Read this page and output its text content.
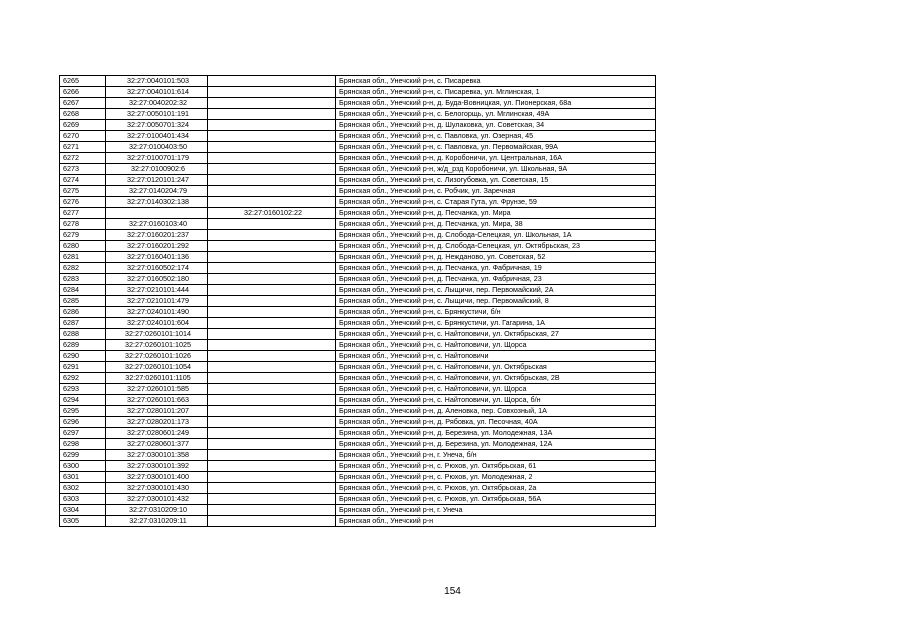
6265	32:27:0040101:503		Брянская обл., Унечский р-н, с. Писаревка
6266	32:27:0040101:614		Брянская обл., Унечский р-н, с. Писаревка, ул. Мглинская, 1
6267	32:27:0040202:32		Брянская обл., Унечский р-н, д. Буда-Вовницкая, ул. Пионерская, 68а
6268	32:27:0050101:191		Брянская обл., Унечский р-н, с. Белогорщь, ул. Мглинская, 49А
6269	32:27:0050701:324		Брянская обл., Унечский р-н, д. Шулаковка, ул. Советская, 34
6270	32:27:0100401:434		Брянская обл., Унечский р-н, с. Павловка, ул. Озерная, 45
6271	32:27:0100403:50		Брянская обл., Унечский р-н, с. Павловка, ул. Первомайская, 99А
6272	32:27:0100701:179		Брянская обл., Унечский р-н, д. Коробоничи, ул. Центральная, 16А
6273	32:27:0100902:6		Брянская обл., Унечский р-н, ж/д_рзд Коробоничи, ул. Школьная, 9А
6274	32:27:0120101:247		Брянская обл., Унечский р-н, с. Лизогубовка, ул. Советская, 15
6275	32:27:0140204:79		Брянская обл., Унечский р-н, с. Робчик, ул. Заречная
6276	32:27:0140302:138		Брянская обл., Унечский р-н, с. Старая Гута, ул. Фрунзе, 59
6277		32:27:0160102:22	Брянская обл., Унечский р-н, д. Песчанка, ул. Мира
6278	32:27:0160103:40		Брянская обл., Унечский р-н, д. Песчанка, ул. Мира, 38
6279	32:27:0160201:237		Брянская обл., Унечский р-н, д. Слобода-Селецкая, ул. Школьная, 1А
6280	32:27:0160201:292		Брянская обл., Унечский р-н, д. Слобода-Селецкая, ул. Октябрьская, 23
6281	32:27:0160401:136		Брянская обл., Унечский р-н, д. Нежданово, ул. Советская, 52
6282	32:27:0160502:174		Брянская обл., Унечский р-н, д. Песчанка, ул. Фабричная, 19
6283	32:27:0160502:180		Брянская обл., Унечский р-н, д. Песчанка, ул. Фабричная, 23
6284	32:27:0210101:444		Брянская обл., Унечский р-н, с. Лыщичи, пер. Первомайский, 2А
6285	32:27:0210101:479		Брянская обл., Унечский р-н, с. Лыщичи, пер. Первомайский, 8
6286	32:27:0240101:490		Брянская обл., Унечский р-н, с. Брянкустичи, б/н
6287	32:27:0240101:604		Брянская обл., Унечский р-н, с. Брянкустичи, ул. Гагарина, 1А
6288	32:27:0260101:1014		Брянская обл., Унечский р-н, с. Найтоповичи, ул. Октябрьская, 27
6289	32:27:0260101:1025		Брянская обл., Унечский р-н, с. Найтоповичи, ул. Щорса
6290	32:27:0260101:1026		Брянская обл., Унечский р-н, с. Найтоповичи
6291	32:27:0260101:1054		Брянская обл., Унечский р-н, с. Найтоповичи, ул. Октябрьская
6292	32:27:0260101:1105		Брянская обл., Унечский р-н, с. Найтоповичи, ул. Октябрьская, 2В
6293	32:27:0260101:585		Брянская обл., Унечский р-н, с. Найтоповичи, ул. Щорса
6294	32:27:0260101:663		Брянская обл., Унечский р-н, с. Найтоповичи, ул. Щорса, б/н
6295	32:27:0280101:207		Брянская обл., Унечский р-н, д. Аленовка, пер. Совхозный, 1А
6296	32:27:0280201:173		Брянская обл., Унечский р-н, д. Рябовка, ул. Песочная, 40А
6297	32:27:0280601:249		Брянская обл., Унечский р-н, д. Березина, ул. Молодежная, 13А
6298	32:27:0280601:377		Брянская обл., Унечский р-н, д. Березина, ул. Молодежная, 12А
6299	32:27:0300101:358		Брянская обл., Унечский р-н, г. Унеча, б/н
6300	32:27:0300101:392		Брянская обл., Унечский р-н, с. Рюхов, ул. Октябрьская, 61
6301	32:27:0300101:400		Брянская обл., Унечский р-н, с. Рюхов, ул. Молодежная, 2
6302	32:27:0300101:430		Брянская обл., Унечский р-н, с. Рюхов, ул. Октябрьская, 2а
6303	32:27:0300101:432		Брянская обл., Унечский р-н, с. Рюхов, ул. Октябрьская, 56А
6304	32:27:0310209:10		Брянская обл., Унечский р-н, г. Унеча
6305	32:27:0310209:11		Брянская обл., Унечский р-н
154
